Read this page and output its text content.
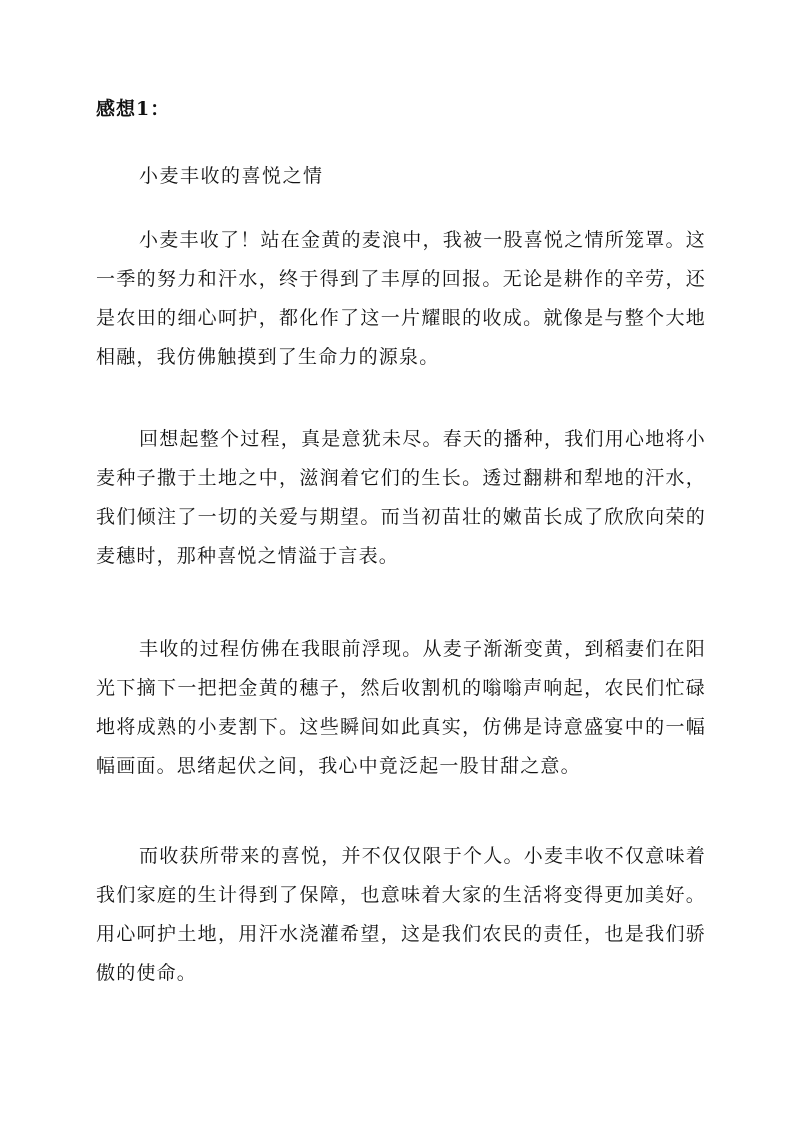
感想1：
小麦丰收的喜悦之情

小麦丰收了！站在金黄的麦浪中，我被一股喜悦之情所笼罩。这一季的努力和汗水，终于得到了丰厚的回报。无论是耕作的辛劳，还是农田的细心呵护，都化作了这一片耀眼的收成。就像是与整个大地相融，我仿佛触摸到了生命力的源泉。

回想起整个过程，真是意犹未尽。春天的播种，我们用心地将小麦种子撒于土地之中，滋润着它们的生长。透过翻耕和犁地的汗水，我们倾注了一切的关爱与期望。而当初苗壮的嫩苗长成了欣欣向荣的麦穗时，那种喜悦之情溢于言表。

丰收的过程仿佛在我眼前浮现。从麦子渐渐变黄，到稻妻们在阳光下摘下一把把金黄的穗子，然后收割机的嗡嗡声响起，农民们忙碌地将成熟的小麦割下。这些瞬间如此真实，仿佛是诗意盛宴中的一幅幅画面。思绪起伏之间，我心中竟泛起一股甘甜之意。

而收获所带来的喜悦，并不仅仅限于个人。小麦丰收不仅意味着我们家庭的生计得到了保障，也意味着大家的生活将变得更加美好。用心呵护土地，用汗水浇灌希望，这是我们农民的责任，也是我们骄傲的使命。
